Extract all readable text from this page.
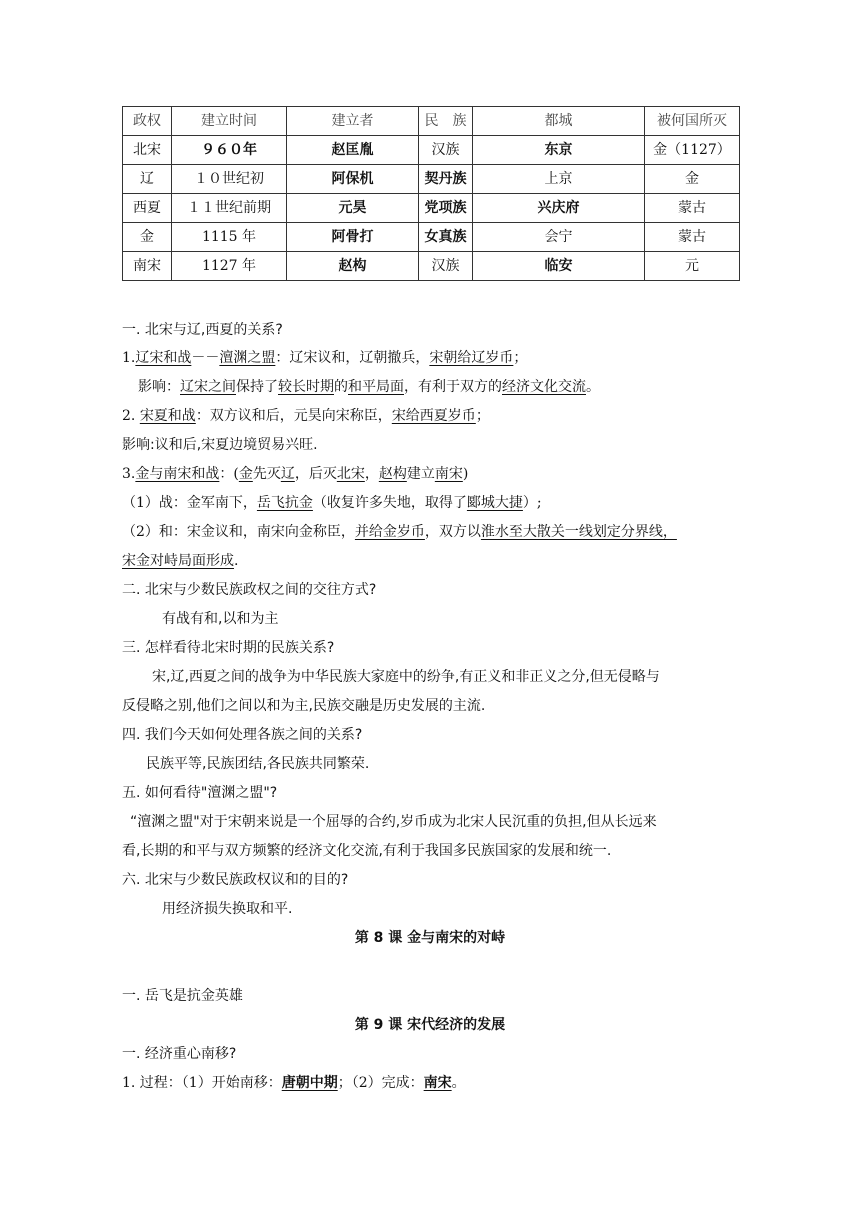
政权	建立时间	建立者	民　族	都城	被何国所灭
北宋	９６０年	赵匡胤	汉族	东京	金（1127）
辽	１０世纪初	阿保机	契丹族	上京	金
西夏	１１世纪前期	元昊	党项族	兴庆府	蒙古
金	1115 年	阿骨打	女真族	会宁	蒙古
南宋	1127 年	赵构	汉族	临安	元
一. 北宋与辽,西夏的关系?
1.辽宋和战－－澶渊之盟：辽宋议和，辽朝撤兵，宋朝给辽岁币；
影响：辽宋之间保持了较长时期的和平局面，有利于双方的经济文化交流。
2. 宋夏和战：双方议和后，元昊向宋称臣，宋给西夏岁币；
影响:议和后,宋夏边境贸易兴旺.
3.金与南宋和战：(金先灭辽，后灭北宋，赵构建立南宋)
（1）战：金军南下，岳飞抗金（收复许多失地，取得了郾城大捷）;
（2）和：宋金议和，南宋向金称臣，并给金岁币，双方以淮水至大散关一线划定分界线，
宋金对峙局面形成.
二. 北宋与少数民族政权之间的交往方式?
有战有和,以和为主
三. 怎样看待北宋时期的民族关系?
宋,辽,西夏之间的战争为中华民族大家庭中的纷争,有正义和非正义之分,但无侵略与
反侵略之别,他们之间以和为主,民族交融是历史发展的主流.
四. 我们今天如何处理各族之间的关系?
民族平等,民族团结,各民族共同繁荣.
五. 如何看待"澶渊之盟"?
“澶渊之盟"对于宋朝来说是一个屈辱的合约,岁币成为北宋人民沉重的负担,但从长远来
看,长期的和平与双方频繁的经济文化交流,有利于我国多民族国家的发展和统一.
六. 北宋与少数民族政权议和的目的?
用经济损失换取和平.
第 8 课 金与南宋的对峙
一. 岳飞是抗金英雄
第 9 课 宋代经济的发展
一. 经济重心南移?
1. 过程：（1）开始南移：唐朝中期；（2）完成：南宋。
